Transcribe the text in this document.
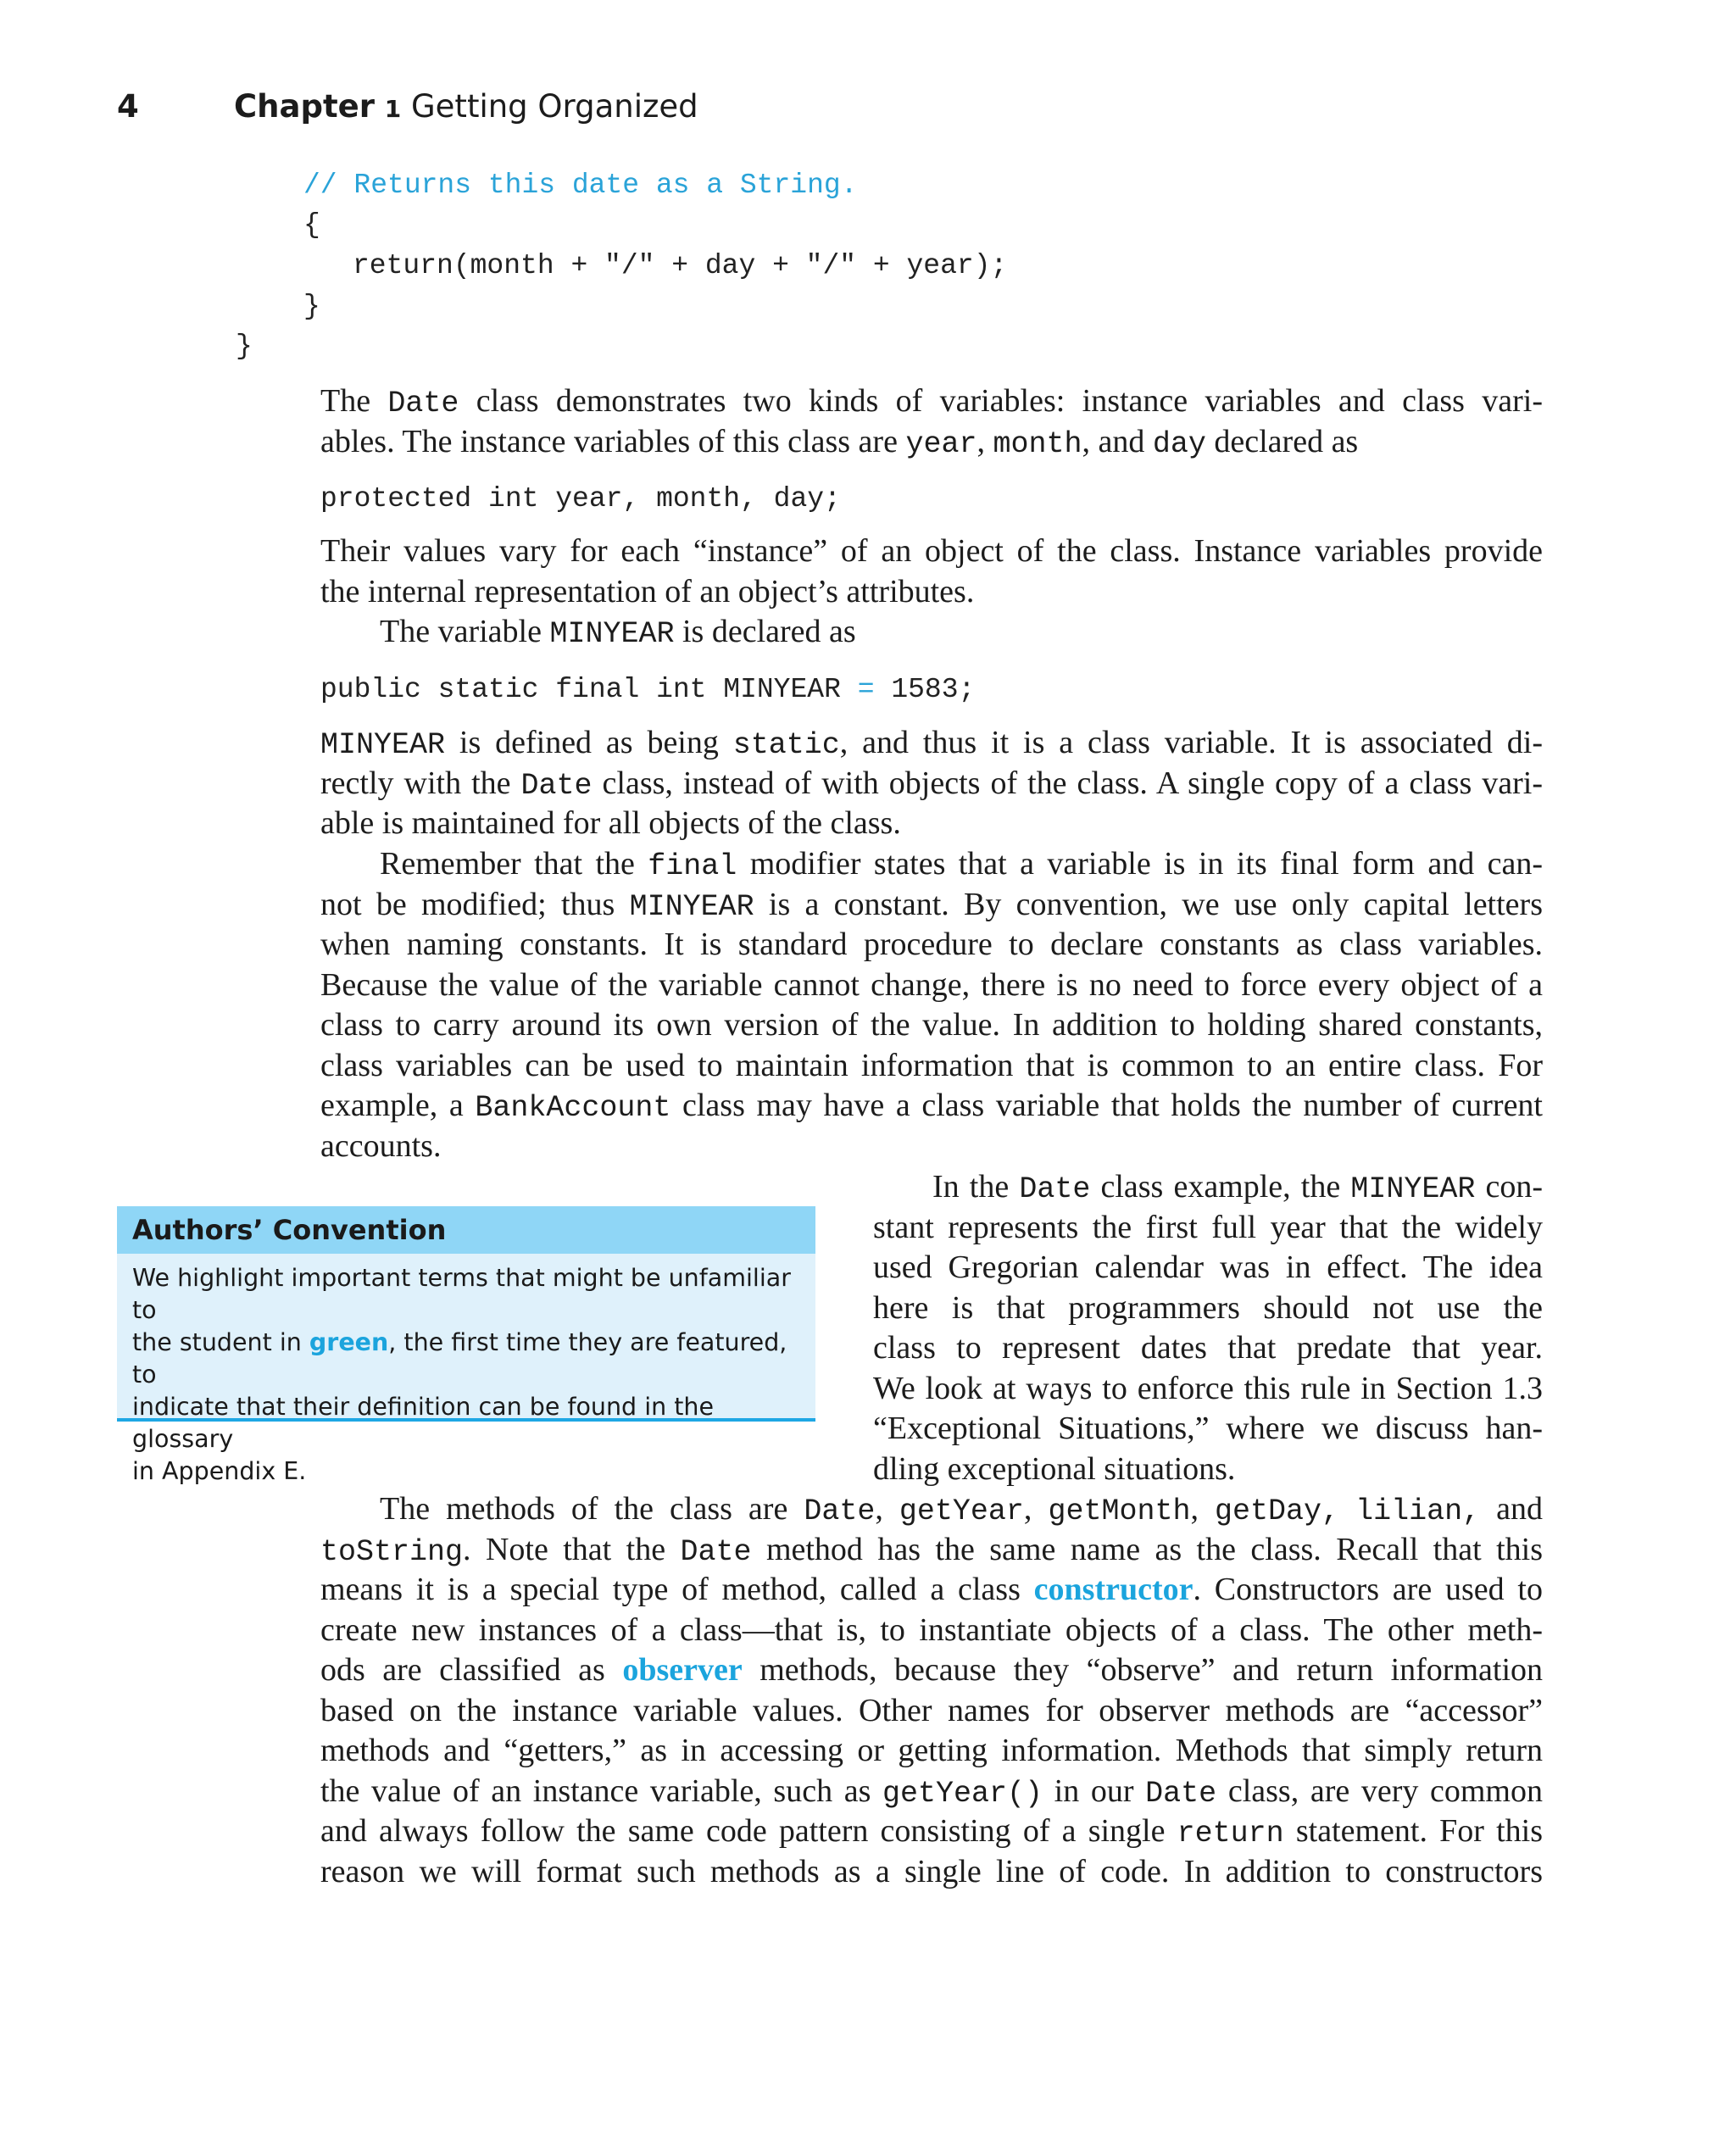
4	Chapter 1 Getting Organized
// Returns this date as a String.
{
return(month + "/" + day + "/" + year);
}
}
The Date class demonstrates two kinds of variables: instance variables and class vari-
ables. The instance variables of this class are year, month, and day declared as
protected int year, month, day;
Their values vary for each “instance” of an object of the class. Instance variables provide
the internal representation of an object’s attributes.
The variable MINYEAR is declared as
public static final int MINYEAR = 1583;
MINYEAR is defined as being static, and thus it is a class variable. It is associated di-
rectly with the Date class, instead of with objects of the class. A single copy of a class vari-
able is maintained for all objects of the class.
Remember that the final modifier states that a variable is in its final form and can-
not be modified; thus MINYEAR is a constant. By convention, we use only capital letters
when naming constants. It is standard procedure to declare constants as class variables.
Because the value of the variable cannot change, there is no need to force every object of a
class to carry around its own version of the value. In addition to holding shared constants,
class variables can be used to maintain information that is common to an entire class. For
example, a BankAccount class may have a class variable that holds the number of current
accounts.
In the Date class example, the MINYEAR con-
stant represents the first full year that the widely
used Gregorian calendar was in effect. The idea
here is that programmers should not use the
class to represent dates that predate that year.
We look at ways to enforce this rule in Section 1.3
“Exceptional Situations,” where we discuss han-
dling exceptional situations.
Authors’ Convention
We highlight important terms that might be unfamiliar to
the student in green, the first time they are featured, to
indicate that their definition can be found in the glossary
in Appendix E.
The methods of the class are Date, getYear, getMonth, getDay, lilian, and
toString. Note that the Date method has the same name as the class. Recall that this
means it is a special type of method, called a class constructor. Constructors are used to
create new instances of a class—that is, to instantiate objects of a class. The other meth-
ods are classified as observer methods, because they “observe” and return information
based on the instance variable values. Other names for observer methods are “accessor”
methods and “getters,” as in accessing or getting information. Methods that simply return
the value of an instance variable, such as getYear() in our Date class, are very common
and always follow the same code pattern consisting of a single return statement. For this
reason we will format such methods as a single line of code. In addition to constructors
